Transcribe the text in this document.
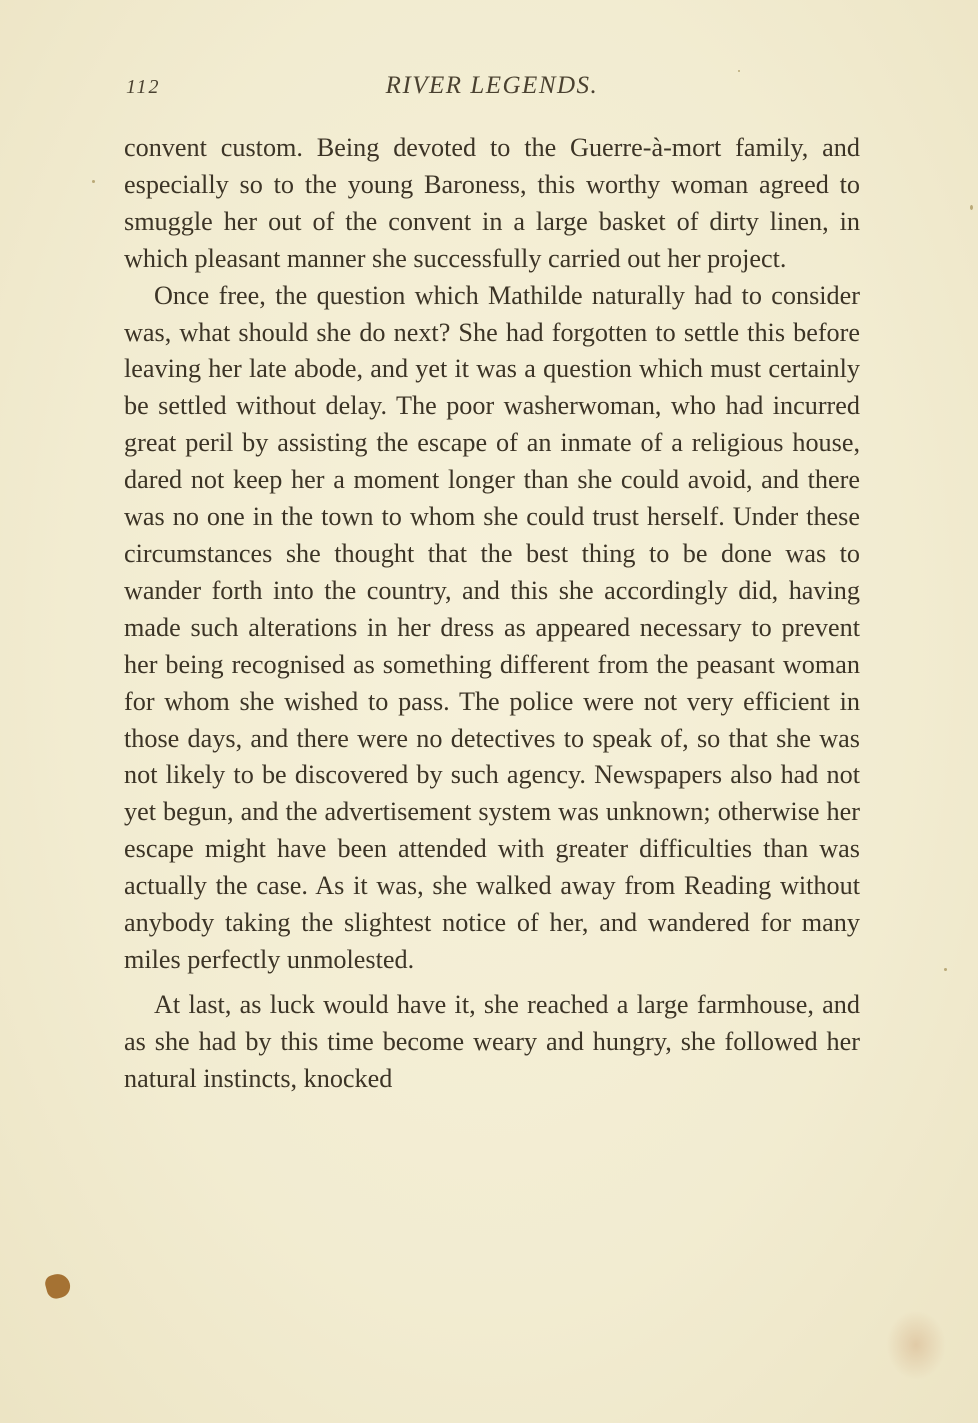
112	RIVER LEGENDS.

convent custom. Being devoted to the Guerre-à-mort family, and especially so to the young Baroness, this worthy woman agreed to smuggle her out of the convent in a large basket of dirty linen, in which pleasant manner she successfully carried out her project.

Once free, the question which Mathilde naturally had to consider was, what should she do next? She had forgotten to settle this before leaving her late abode, and yet it was a question which must certainly be settled without delay. The poor washerwoman, who had incurred great peril by assisting the escape of an inmate of a religious house, dared not keep her a moment longer than she could avoid, and there was no one in the town to whom she could trust herself. Under these circumstances she thought that the best thing to be done was to wander forth into the country, and this she accordingly did, having made such alterations in her dress as appeared necessary to prevent her being recognised as something different from the peasant woman for whom she wished to pass. The police were not very efficient in those days, and there were no detectives to speak of, so that she was not likely to be discovered by such agency. Newspapers also had not yet begun, and the advertisement system was unknown; otherwise her escape might have been attended with greater difficulties than was actually the case. As it was, she walked away from Reading without anybody taking the slightest notice of her, and wandered for many miles perfectly unmolested.

At last, as luck would have it, she reached a large farmhouse, and as she had by this time become weary and hungry, she followed her natural instincts, knocked
